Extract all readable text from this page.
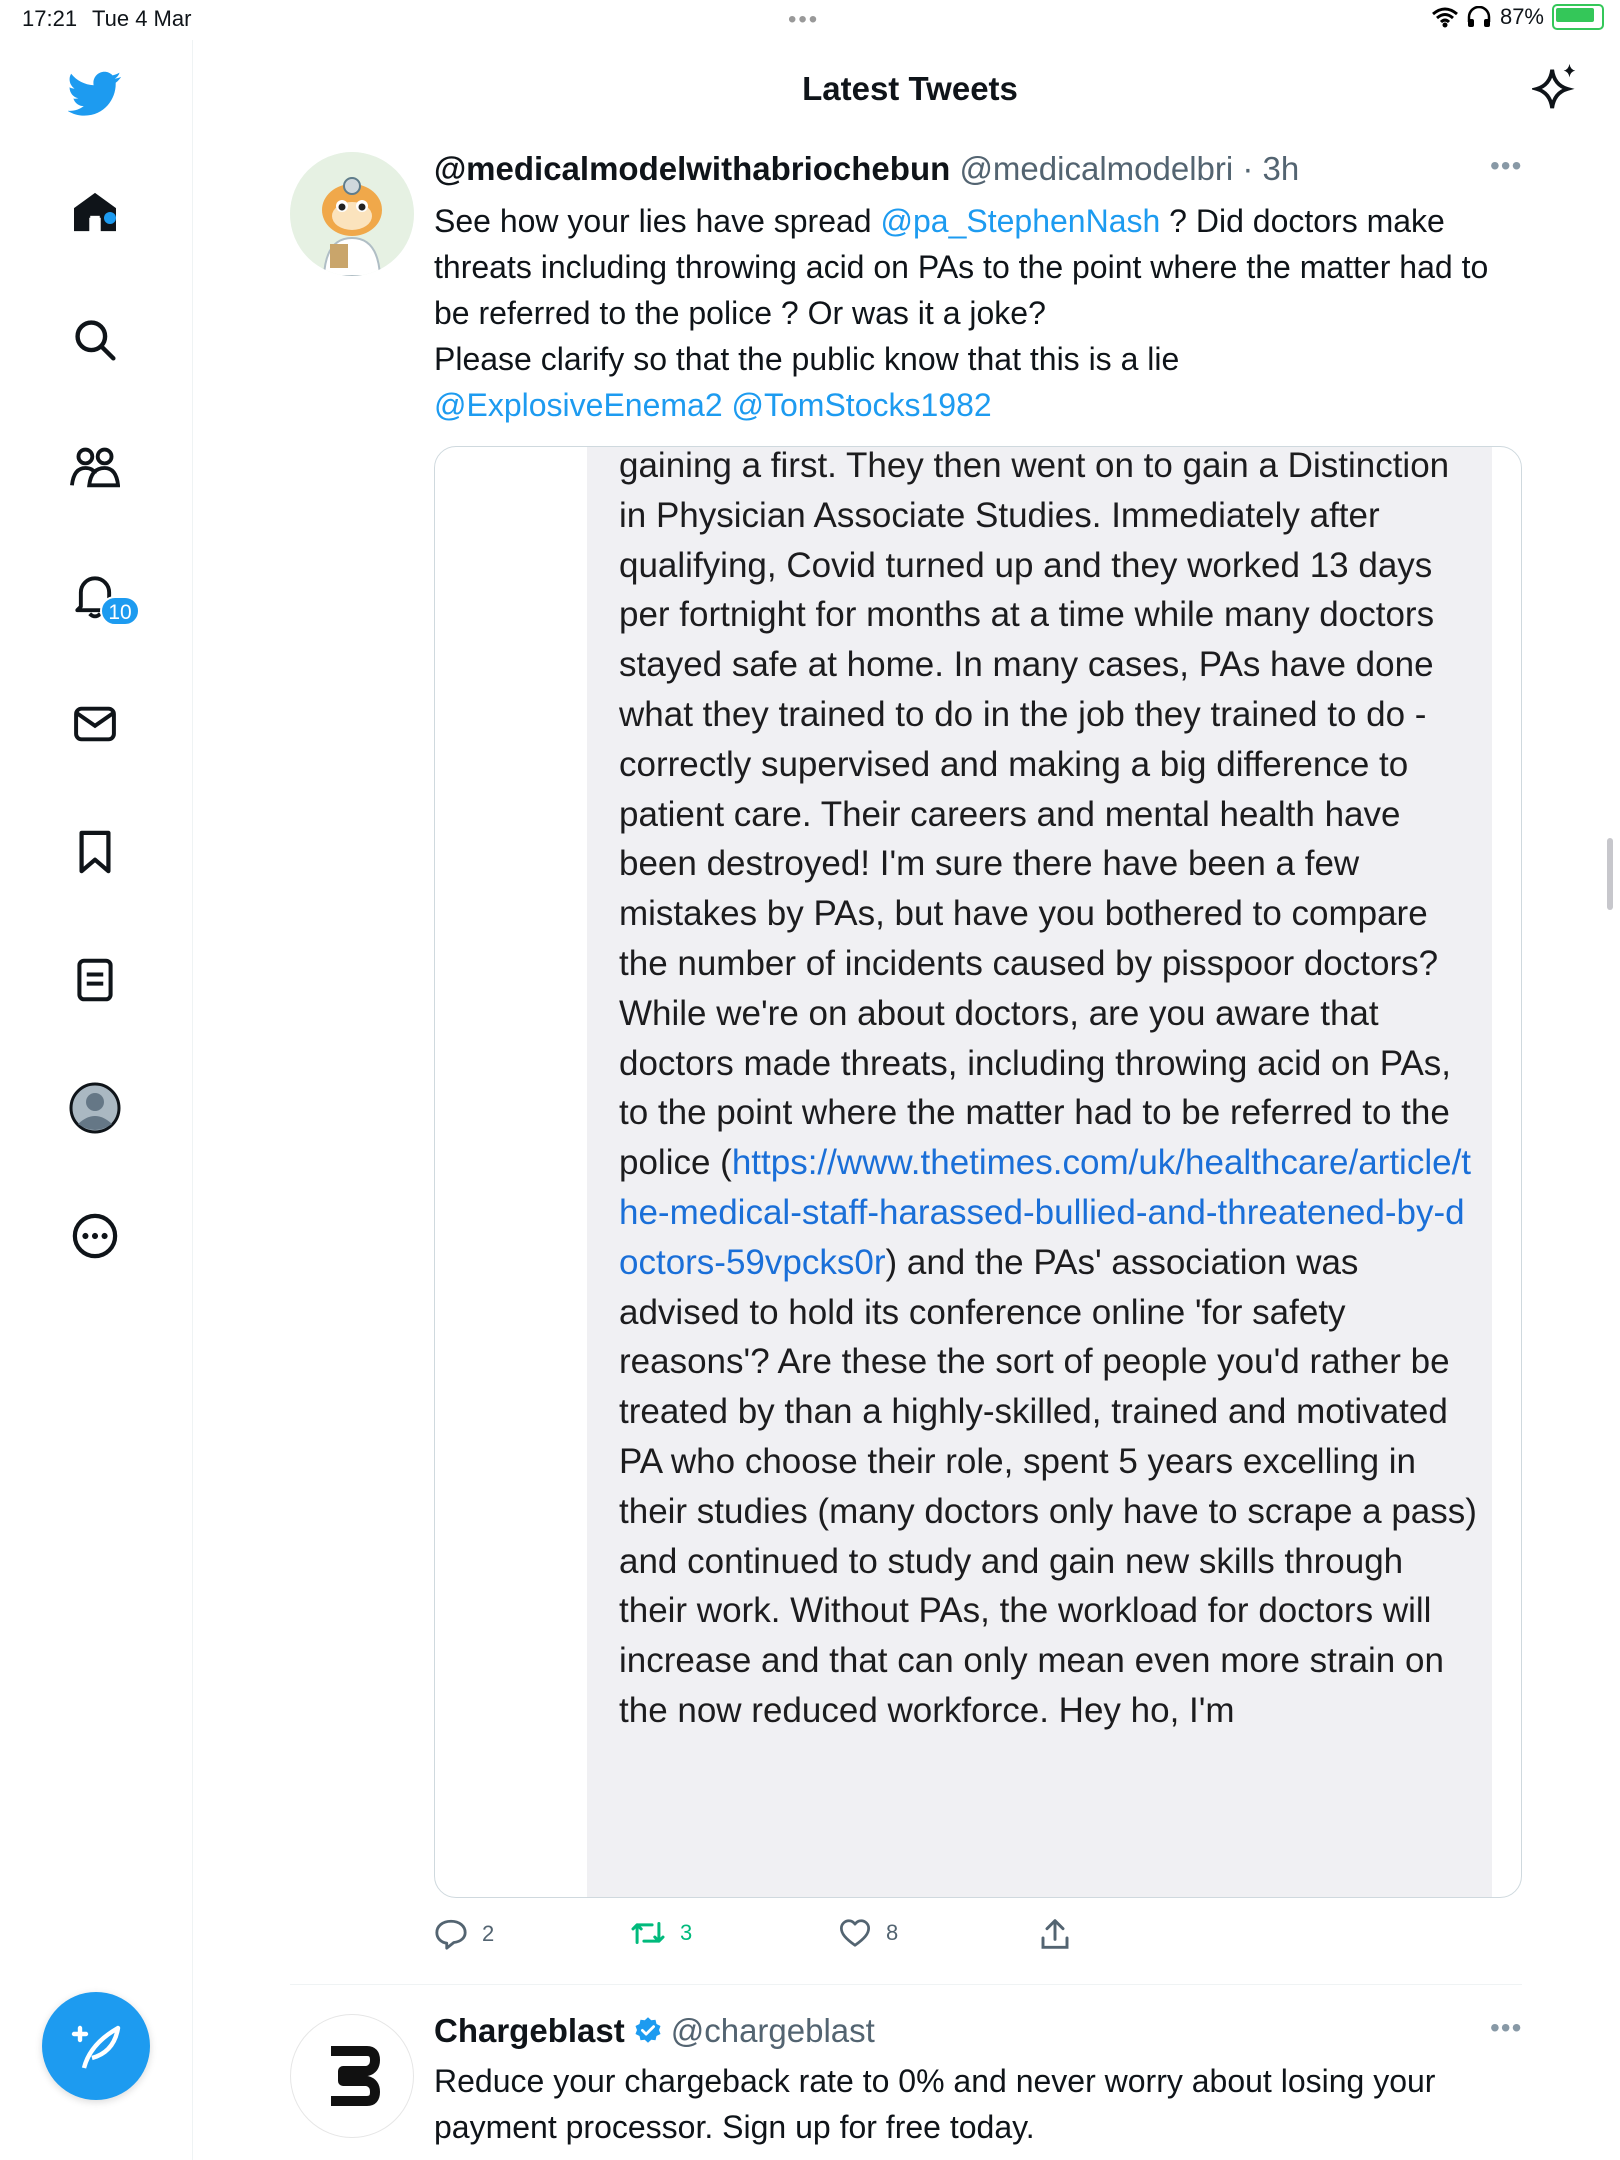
17:21 Tue 4 Mar	•••	87%
10
Latest Tweets
@medicalmodelwithabriochebun @medicalmodelbri · 3h	•••
See how your lies have spread @pa_StephenNash ? Did doctors make threats including throwing acid on PAs to the point where the matter had to be referred to the police ? Or was it a joke?
Please clarify so that the public know that this is a lie
@ExplosiveEnema2 @TomStocks1982
gaining a first. They then went on to gain a Distinction in Physician Associate Studies. Immediately after qualifying, Covid turned up and they worked 13 days per fortnight for months at a time while many doctors stayed safe at home. In many cases, PAs have done what they trained to do in the job they trained to do - correctly supervised and making a big difference to patient care. Their careers and mental health have been destroyed! I'm sure there have been a few mistakes by PAs, but have you bothered to compare the number of incidents caused by pisspoor doctors? While we're on about doctors, are you aware that doctors made threats, including throwing acid on PAs, to the point where the matter had to be referred to the police (https://www.thetimes.com/uk/healthcare/article/the-medical-staff-harassed-bullied-and-threatened-by-doctors-59vpcks0r) and the PAs' association was advised to hold its conference online 'for safety reasons'? Are these the sort of people you'd rather be treated by than a highly-skilled, trained and motivated PA who choose their role, spent 5 years excelling in their studies (many doctors only have to scrape a pass) and continued to study and gain new skills through their work. Without PAs, the workload for doctors will increase and that can only mean even more strain on the now reduced workforce. Hey ho, I'm
2	3	8
Chargeblast @chargeblast	•••
Reduce your chargeback rate to 0% and never worry about losing your payment processor. Sign up for free today.
